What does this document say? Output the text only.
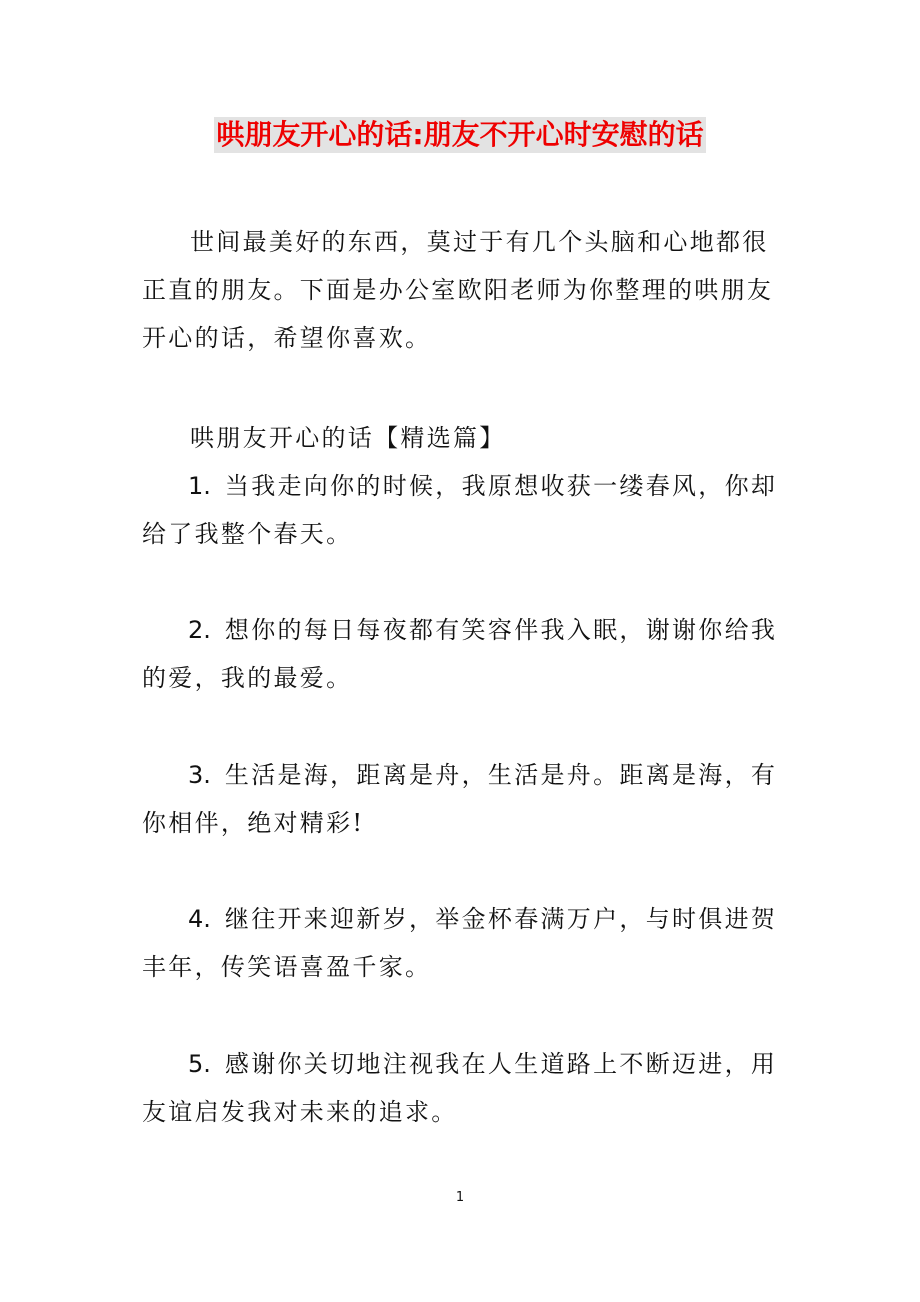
哄朋友开心的话:朋友不开心时安慰的话

世间最美好的东西，莫过于有几个头脑和心地都很正直的朋友。下面是办公室欧阳老师为你整理的哄朋友开心的话，希望你喜欢。

哄朋友开心的话【精选篇】

1. 当我走向你的时候，我原想收获一缕春风，你却给了我整个春天。

2. 想你的每日每夜都有笑容伴我入眠，谢谢你给我的爱，我的最爱。

3. 生活是海，距离是舟，生活是舟。距离是海，有你相伴，绝对精彩!

4. 继往开来迎新岁，举金杯春满万户，与时俱进贺丰年，传笑语喜盈千家。

5. 感谢你关切地注视我在人生道路上不断迈进，用友谊启发我对未来的追求。

1
